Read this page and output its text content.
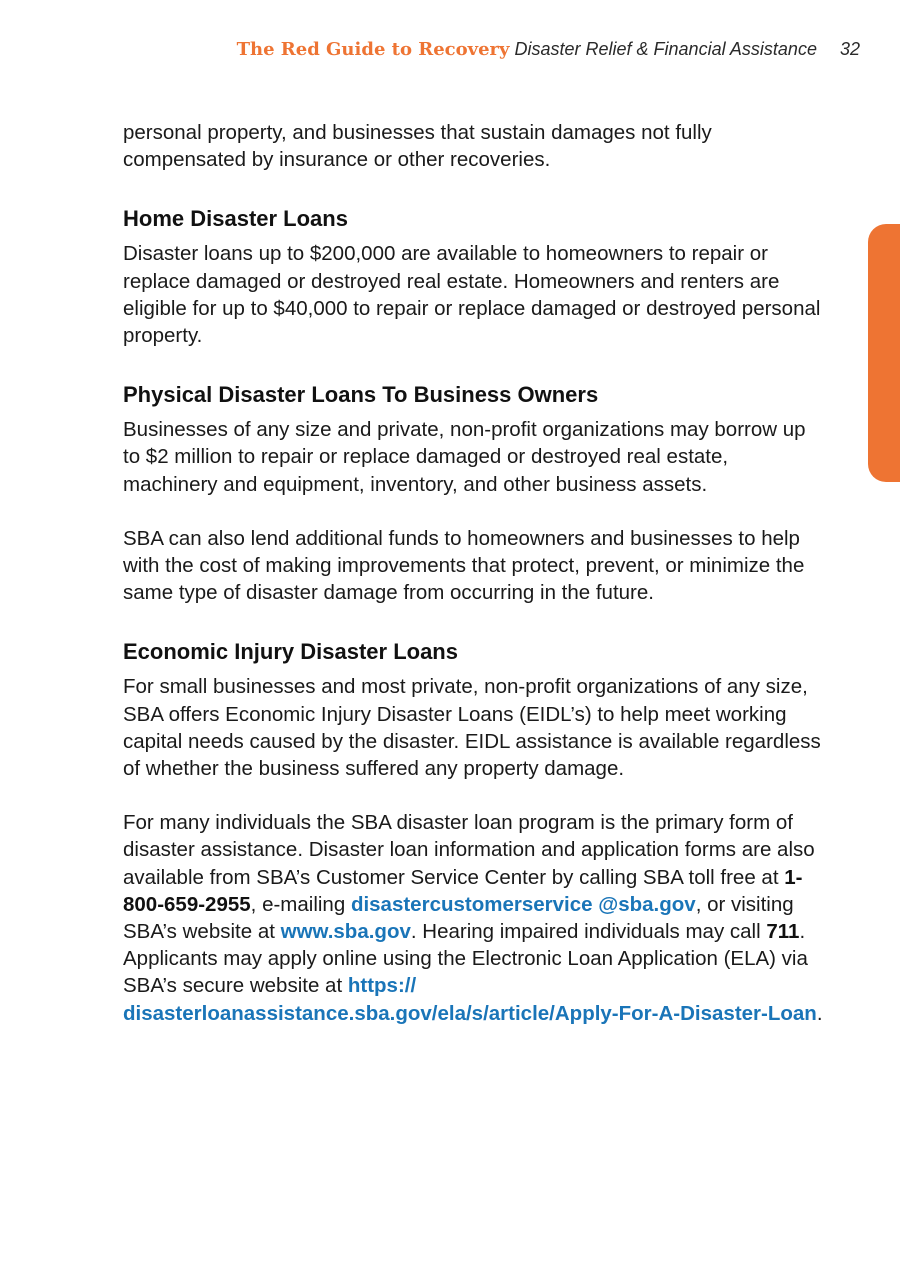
The Red Guide to Recovery Disaster Relief & Financial Assistance 32

personal property, and businesses that sustain damages not fully compensated by insurance or other recoveries.

Home Disaster Loans

Disaster loans up to $200,000 are available to homeowners to repair or replace damaged or destroyed real estate. Homeowners and renters are eligible for up to $40,000 to repair or replace damaged or destroyed personal property.

Physical Disaster Loans To Business Owners

Businesses of any size and private, non-profit organizations may borrow up to $2 million to repair or replace damaged or destroyed real estate, machinery and equipment, inventory, and other business assets.

SBA can also lend additional funds to homeowners and businesses to help with the cost of making improvements that protect, prevent, or minimize the same type of disaster damage from occurring in the future.

Economic Injury Disaster Loans

For small businesses and most private, non-profit organizations of any size, SBA offers Economic Injury Disaster Loans (EIDL’s) to help meet working capital needs caused by the disaster. EIDL assistance is available regardless of whether the business suffered any property damage.

For many individuals the SBA disaster loan program is the primary form of disaster assistance. Disaster loan information and application forms are also available from SBA’s Customer Service Center by calling SBA toll free at 1-800-659-2955, e-mailing disastercustomerservice @sba.gov, or visiting SBA’s website at www.sba.gov. Hearing impaired individuals may call 711. Applicants may apply online using the Electronic Loan Application (ELA) via SBA’s secure website at https:// disasterloanassistance.sba.gov/ela/s/article/Apply-For-A-Disaster-Loan.
